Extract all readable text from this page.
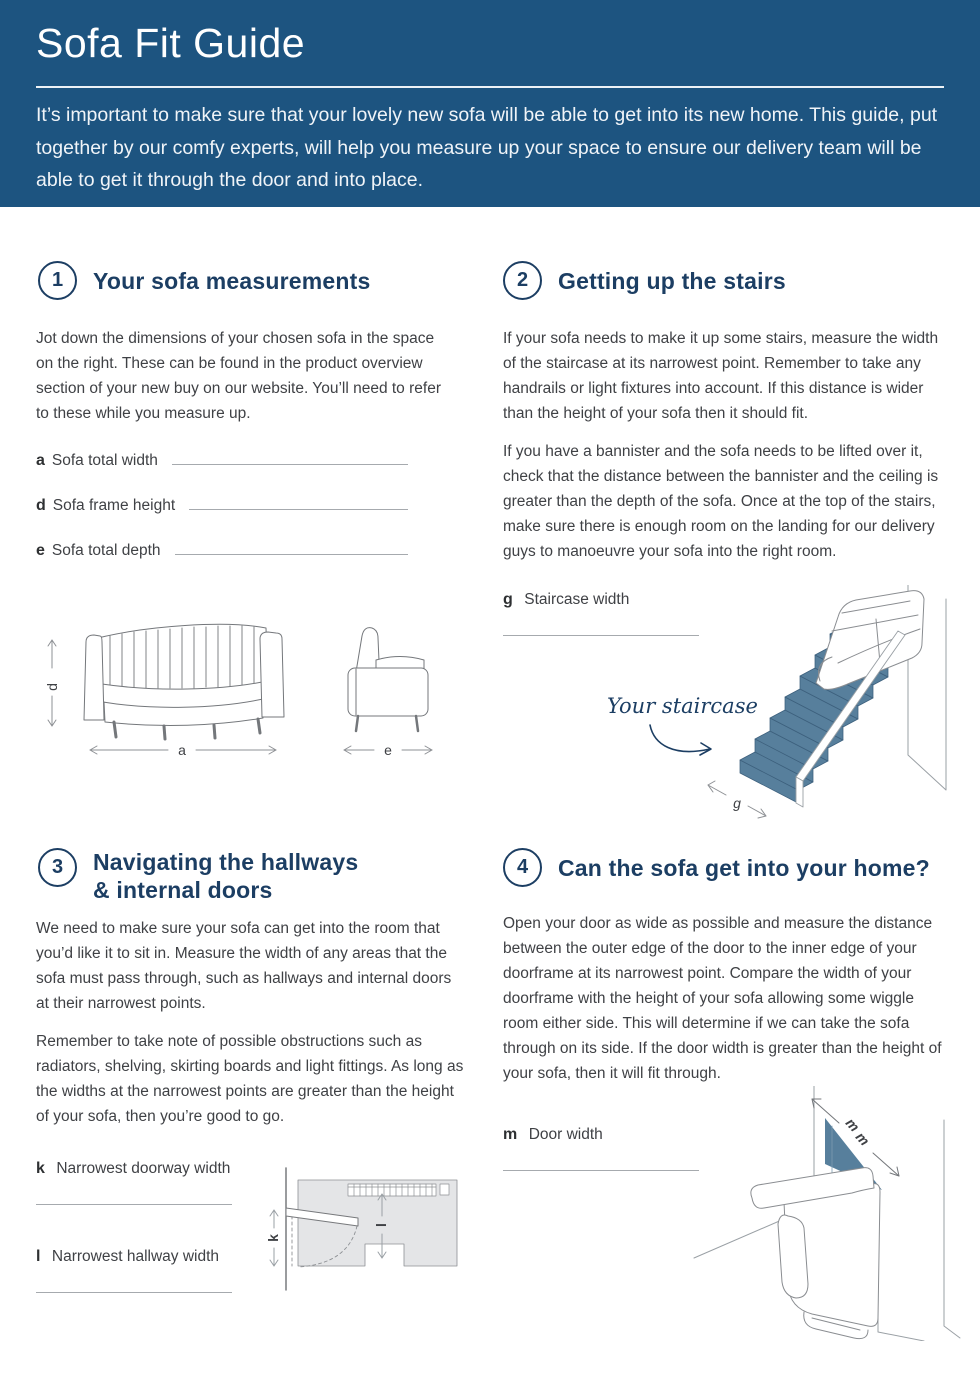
Sofa Fit Guide

It’s important to make sure that your lovely new sofa will be able to get into its new home. This guide, put together by our comfy experts, will help you measure up your space to ensure our delivery team will be able to get it through the door and into place.

1 Your sofa measurements

Jot down the dimensions of your chosen sofa in the space on the right. These can be found in the product overview section of your new buy on our website. You’ll need to refer to these while you measure up.

a Sofa total width
d Sofa frame height
e Sofa total depth
d
a	e
2 Getting up the stairs

If your sofa needs to make it up some stairs, measure the width of the staircase at its narrowest point. Remember to take any handrails or light fixtures into account. If this distance is wider than the height of your sofa then it should fit.

If you have a bannister and the sofa needs to be lifted over it, check that the distance between the bannister and the ceiling is greater than the depth of the sofa. Once at the top of the stairs, make sure there is enough room on the landing for our delivery guys to manoeuvre your sofa into the right room.

g Staircase width
g
Your staircase
3 Navigating the hallways
& internal doors

We need to make sure your sofa can get into the room that you’d like it to sit in. Measure the width of any areas that the sofa must pass through, such as hallways and internal doors at their narrowest points.

Remember to take note of possible obstructions such as radiators, shelving, skirting boards and light fittings. As long as the widths at the narrowest points are greater than the height of your sofa, then you’re good to go.

k Narrowest doorway width
l Narrowest hallway width
k
l
4 Can the sofa get into your home?

Open your door as wide as possible and measure the distance between the outer edge of the door to the inner edge of your doorframe at its narrowest point. Compare the width of your doorframe with the height of your sofa allowing some wiggle room either side. This will determine if we can take the sofa through on its side. If the door width is greater than the height of your sofa, then it will fit through.

m Door width	m
m
